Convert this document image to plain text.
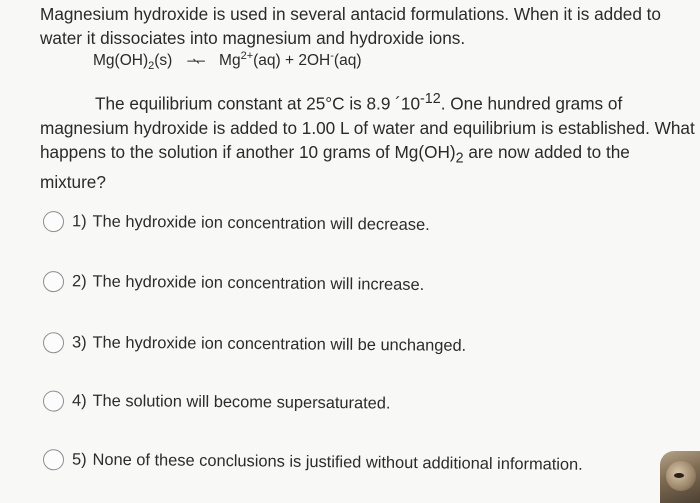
Magnesium hydroxide is used in several antacid formulations. When it is added to

water it dissociates into magnesium and hydroxide ions.

$Mg(OH)_2(s)$ ⇀↽ $Mg^{2+}(aq) + 2OH^-(aq)$
The equilibrium constant at 25°C is 8.9 $´10^{-12}$. One hundred grams of magnesium hydroxide is added to 1.00 L of water and equilibrium is established. What happens to the solution if another 10 grams of $Mg(OH)_2$ are now added to the mixture?
1) The hydroxide ion concentration will decrease.
2) The hydroxide ion concentration will increase.
3) The hydroxide ion concentration will be unchanged.
4) The solution will become supersaturated.
5) None of these conclusions is justified without additional information.
